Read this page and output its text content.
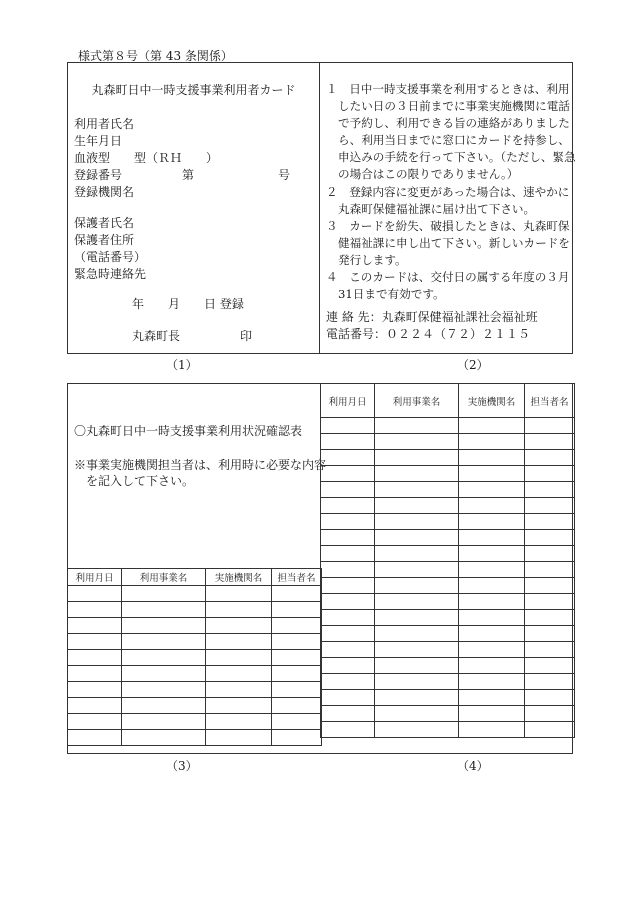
様式第８号（第 43 条関係）
丸森町日中一時支援事業利用者カード
利用者氏名
生年月日
血液型　　型（ＲＨ　　）
登録番号　　　　　第　　　　　　　号
登録機関名
保護者氏名
保護者住所
（電話番号）
緊急時連絡先
年　　月　　日 登録
丸森町長　　　　　印
１　日中一時支援事業を利用するときは、利用
したい日の３日前までに事業実施機関に電話
で予約し、利用できる旨の連絡がありました
ら、利用当日までに窓口にカードを持参し、
申込みの手続を行って下さい。（ただし、緊急
の場合はこの限りでありません。）
２　登録内容に変更があった場合は、速やかに
丸森町保健福祉課に届け出て下さい。
３　カードを紛失、破損したときは、丸森町保
健福祉課に申し出て下さい。新しいカードを
発行します。
４　このカードは、交付日の属する年度の３月
31日まで有効です。
連 絡 先：丸森町保健福祉課社会福祉班
電話番号：０２２４（７２）２１１５
（1）	（2）
〇丸森町日中一時支援事業利用状況確認表
※事業実施機関担当者は、利用時に必要な内容
を記入して下さい。
利用月日	利用事業名	実施機関名	担当者名

利用月日	利用事業名	実施機関名	担当者名

（3）	（4）
